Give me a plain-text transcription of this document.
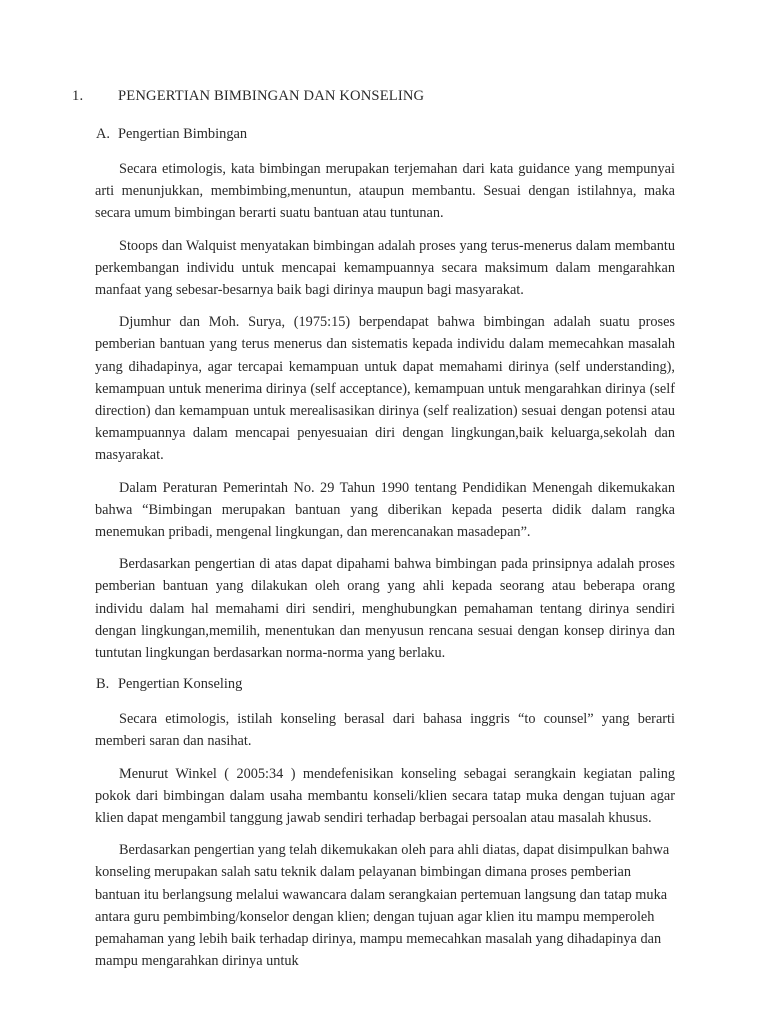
1. PENGERTIAN BIMBINGAN DAN KONSELING
A. Pengertian Bimbingan

Secara etimologis, kata bimbingan merupakan terjemahan dari kata guidance yang mempunyai arti menunjukkan, membimbing,menuntun, ataupun membantu. Sesuai dengan istilahnya, maka secara umum bimbingan berarti suatu bantuan atau tuntunan.

Stoops dan Walquist menyatakan bimbingan adalah proses yang terus-menerus dalam membantu perkembangan individu untuk mencapai kemampuannya secara maksimum dalam mengarahkan manfaat yang sebesar-besarnya baik bagi dirinya maupun bagi masyarakat.

Djumhur dan Moh. Surya, (1975:15) berpendapat bahwa bimbingan adalah suatu proses pemberian bantuan yang terus menerus dan sistematis kepada individu dalam memecahkan masalah yang dihadapinya, agar tercapai kemampuan untuk dapat memahami dirinya (self understanding), kemampuan untuk menerima dirinya (self acceptance), kemampuan untuk mengarahkan dirinya (self direction) dan kemampuan untuk merealisasikan dirinya (self realization) sesuai dengan potensi atau kemampuannya dalam mencapai penyesuaian diri dengan lingkungan,baik keluarga,sekolah dan masyarakat.

Dalam Peraturan Pemerintah No. 29 Tahun 1990 tentang Pendidikan Menengah dikemukakan bahwa “Bimbingan merupakan bantuan yang diberikan kepada peserta didik dalam rangka menemukan pribadi, mengenal lingkungan, dan merencanakan masadepan”.

Berdasarkan pengertian di atas dapat dipahami bahwa bimbingan pada prinsipnya adalah proses pemberian bantuan yang dilakukan oleh orang yang ahli kepada seorang atau beberapa orang individu dalam hal memahami diri sendiri, menghubungkan pemahaman tentang dirinya sendiri dengan lingkungan,memilih, menentukan dan menyusun rencana sesuai dengan konsep dirinya dan tuntutan lingkungan berdasarkan norma-norma yang berlaku.

B. Pengertian Konseling

Secara etimologis, istilah konseling berasal dari bahasa inggris “to counsel” yang berarti memberi saran dan nasihat.

Menurut Winkel ( 2005:34 ) mendefenisikan konseling sebagai serangkain kegiatan paling pokok dari bimbingan dalam usaha membantu konseli/klien secara tatap muka dengan tujuan agar klien dapat mengambil tanggung jawab sendiri terhadap berbagai persoalan atau masalah khusus.

Berdasarkan pengertian yang telah dikemukakan oleh para ahli diatas, dapat disimpulkan bahwa konseling merupakan salah satu teknik dalam pelayanan bimbingan dimana proses pemberian bantuan itu berlangsung melalui wawancara dalam serangkaian pertemuan langsung dan tatap muka antara guru pembimbing/konselor dengan klien; dengan tujuan agar klien itu mampu memperoleh pemahaman yang lebih baik terhadap dirinya, mampu memecahkan masalah yang dihadapinya dan mampu mengarahkan dirinya untuk
